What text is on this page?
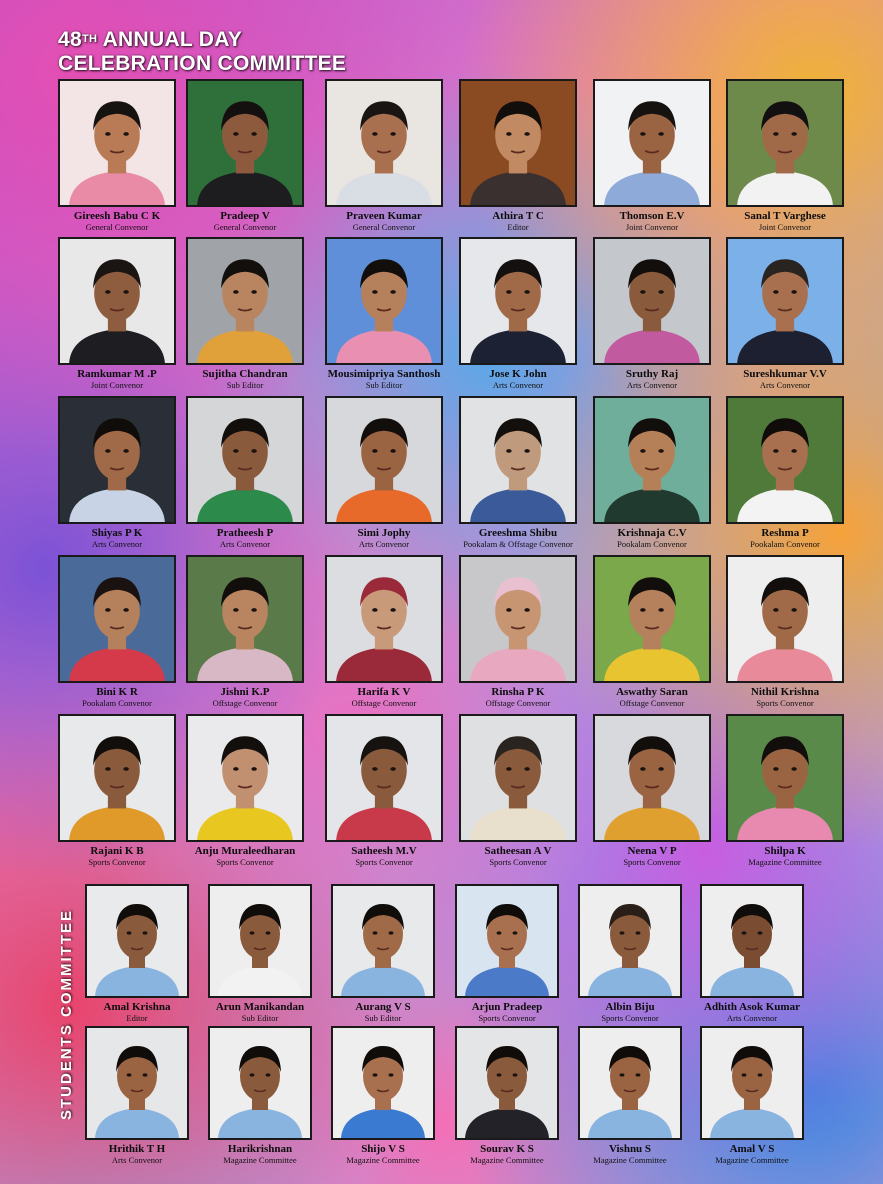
48TH ANNUAL DAY
CELEBRATION COMMITTEE
STUDENTS COMMITTEE
Gireesh Babu C K
General Convenor
Pradeep V
General Convenor
Praveen Kumar
General Convenor
Athira T C
Editor
Thomson E.V
Joint Convenor
Sanal T Varghese
Joint Convenor
Ramkumar M .P
Joint Convenor
Sujitha Chandran
Sub Editor
Mousimipriya Santhosh
Sub Editor
Jose K John
Arts Convenor
Sruthy Raj
Arts Convenor
Sureshkumar V.V
Arts Convenor
Shiyas P K
Arts Convenor
Pratheesh P
Arts Convenor
Simi Jophy
Arts Convenor
Greeshma Shibu
Pookalam & Offstage Convenor
Krishnaja C.V
Pookalam Convenor
Reshma P
Pookalam Convenor
Bini K R
Pookalam Convenor
Jishni K.P
Offstage Convenor
Harifa K V
Offstage Convenor
Rinsha P K
Offstage Convenor
Aswathy Saran
Offstage Convenor
Nithil Krishna
Sports Convenor
Rajani K B
Sports Convenor
Anju Muraleedharan
Sports Convenor
Satheesh M.V
Sports Convenor
Satheesan A V
Sports Convenor
Neena V P
Sports Convenor
Shilpa K
Magazine Committee
Amal Krishna
Editor
Arun Manikandan
Sub Editor
Aurang V S
Sub Editor
Arjun Pradeep
Sports Convenor
Albin Biju
Sports Convenor
Adhith Asok Kumar
Arts Convenor
Hrithik T H
Arts Convenor
Harikrishnan
Magazine Committee
Shijo V S
Magazine Committee
Sourav K S
Magazine Committee
Vishnu S
Magazine Committee
Amal V S
Magazine Committee
